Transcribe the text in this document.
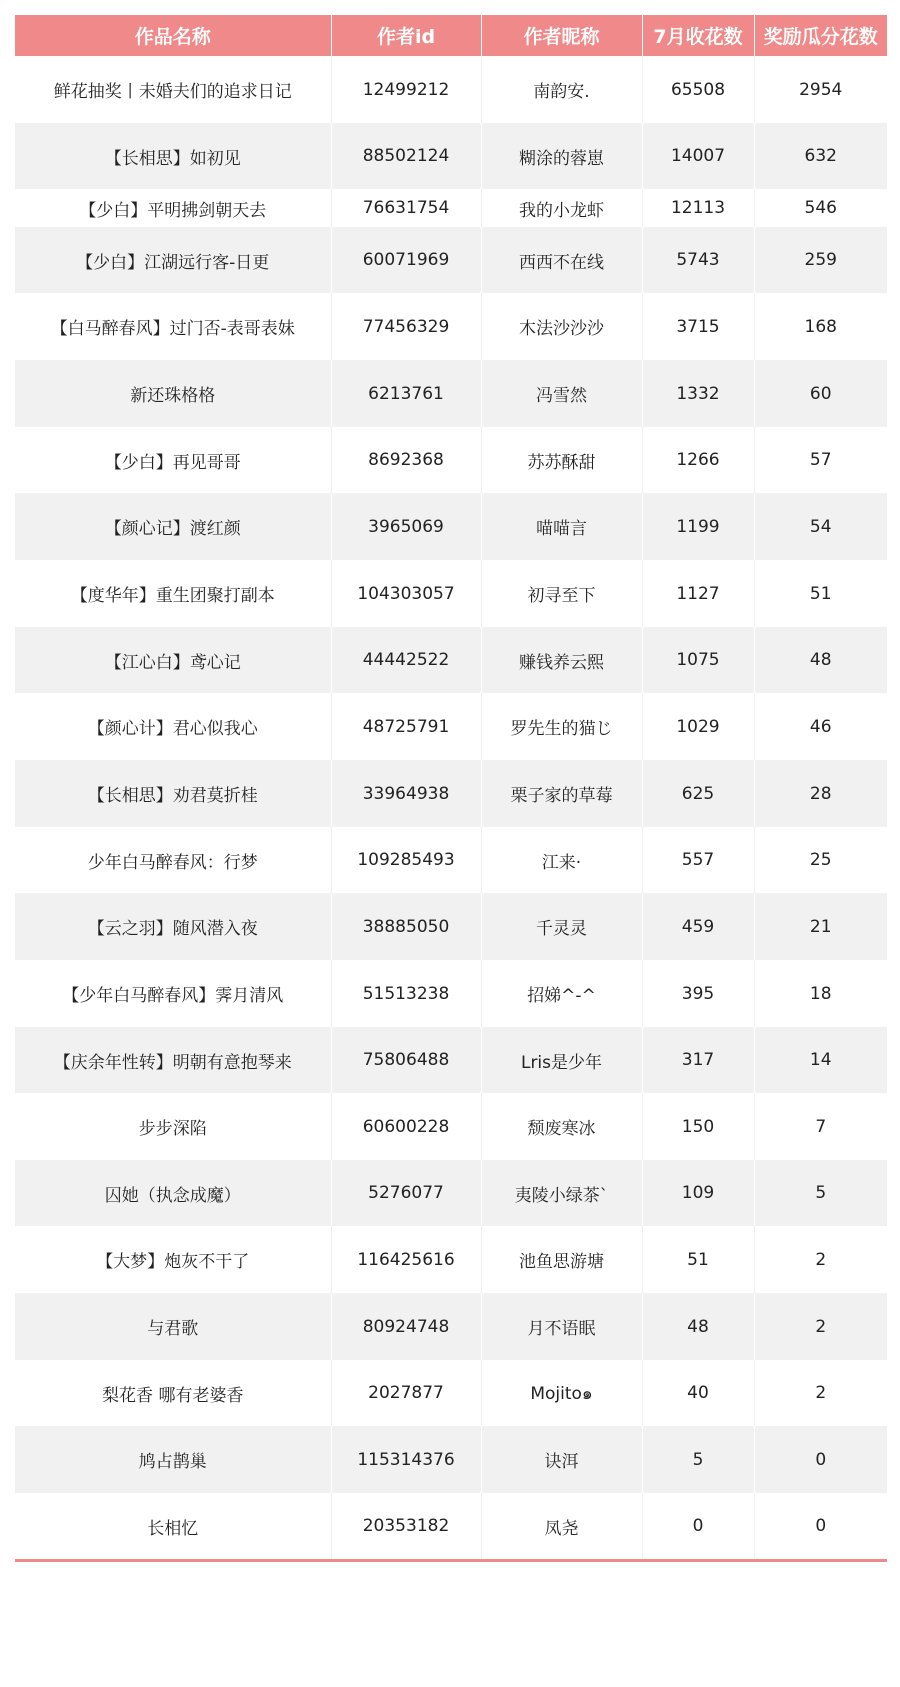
作品名称	作者id	作者昵称	7月收花数	奖励瓜分花数
鲜花抽奖丨未婚夫们的追求日记	12499212	南韵安.	65508	2954
【长相思】如初见	88502124	糊涂的蓉崽	14007	632
【少白】平明拂剑朝天去	76631754	我的小龙虾	12113	546
【少白】江湖远行客-日更	60071969	西西不在线	5743	259
【白马醉春风】过门否-表哥表妹	77456329	木法沙沙沙	3715	168
新还珠格格	6213761	冯雪然	1332	60
【少白】再见哥哥	8692368	苏苏酥甜	1266	57
【颜心记】渡红颜	3965069	喵喵言	1199	54
【度华年】重生团聚打副本	104303057	初寻至下	1127	51
【江心白】鸢心记	44442522	赚钱养云熙	1075	48
【颜心计】君心似我心	48725791	罗先生的猫じ	1029	46
【长相思】劝君莫折桂	33964938	栗子家的草莓	625	28
少年白马醉春风：行梦	109285493	江来·	557	25
【云之羽】随风潜入夜	38885050	千灵灵	459	21
【少年白马醉春风】霁月清风	51513238	招娣^-^	395	18
【庆余年性转】明朝有意抱琴来	75806488	Lris是少年	317	14
步步深陷	60600228	颓废寒冰	150	7
囚她（执念成魔）	5276077	夷陵小绿茶`	109	5
【大梦】炮灰不干了	116425616	池鱼思游塘	51	2
与君歌	80924748	月不语眠	48	2
梨花香 哪有老婆香	2027877	Mojito๑	40	2
鸠占鹊巢	115314376	诀洱	5	0
长相忆	20353182	凤尧	0	0
